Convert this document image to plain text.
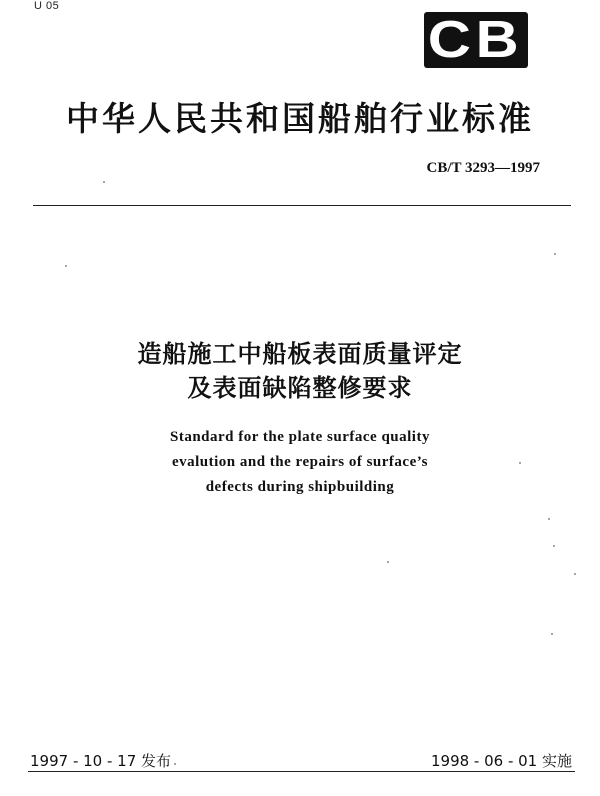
U 05
CB
中华人民共和国船舶行业标准
CB/T 3293—1997
造船施工中船板表面质量评定
及表面缺陷整修要求
Standard for the plate surface quality
evalution and the repairs of surface’s
defects during shipbuilding
1997 - 10 - 17 发布	1998 - 06 - 01 实施
